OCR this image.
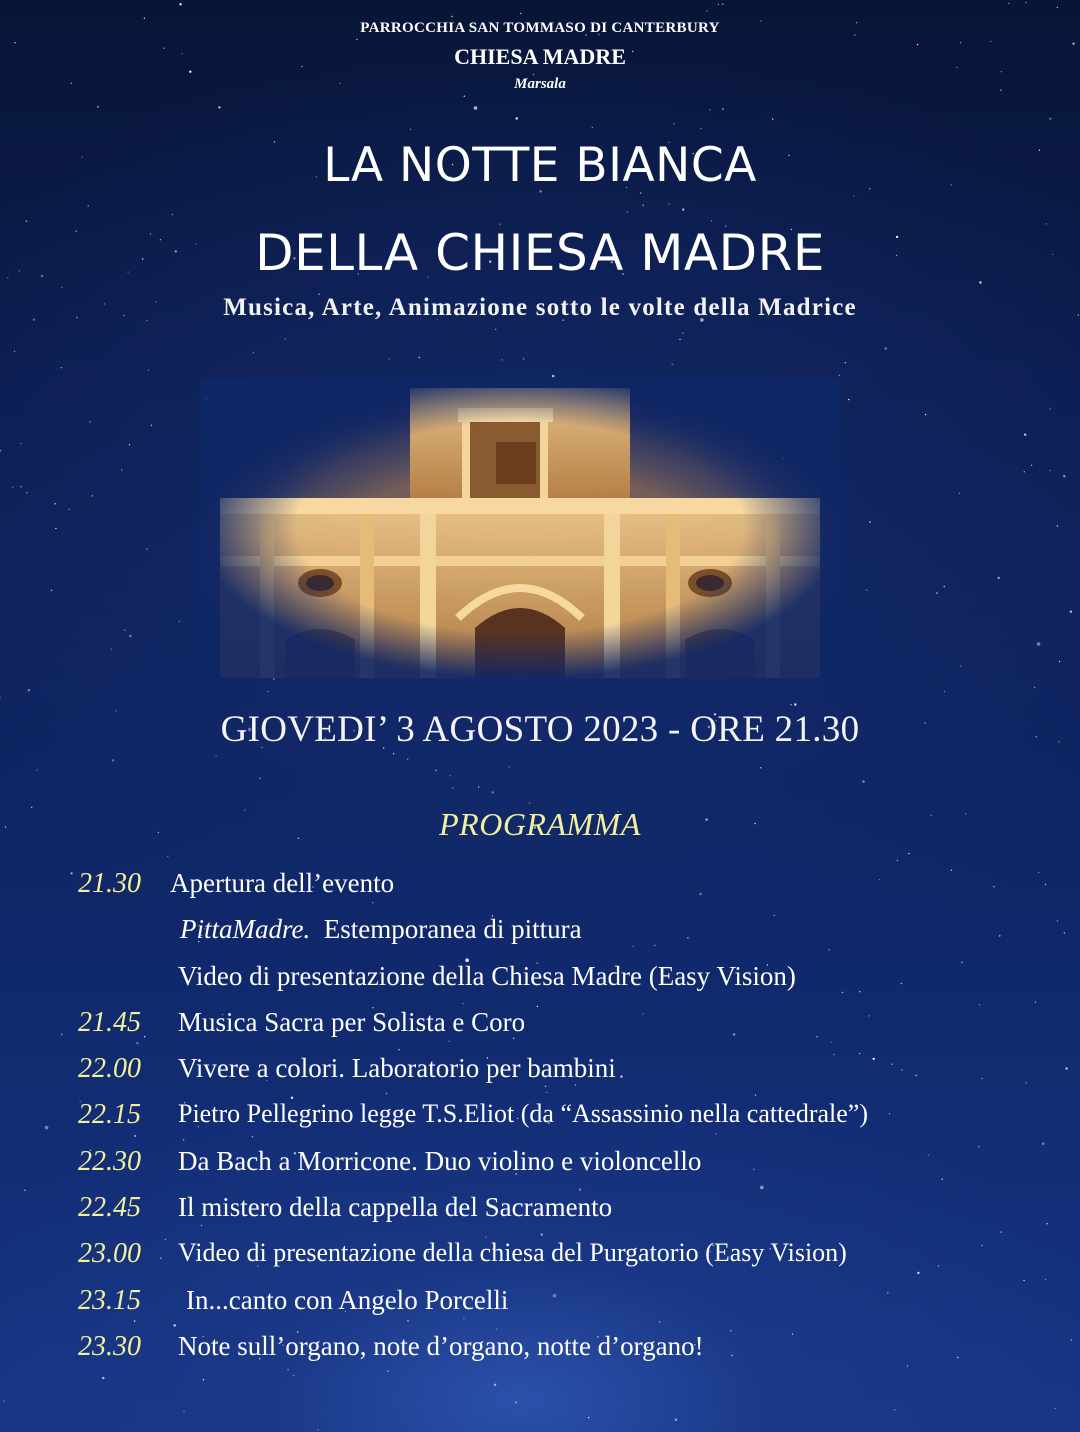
PARROCCHIA SAN TOMMASO DI CANTERBURY

CHIESA MADRE

Marsala

LA NOTTE BIANCA
DELLA CHIESA MADRE

Musica, Arte, Animazione sotto le volte della Madrice

GIOVEDI’ 3 AGOSTO 2023 - ORE 21.30

PROGRAMMA

21.30 Apertura dell’evento
PittaMadre. Estemporanea di pittura
Video di presentazione della Chiesa Madre (Easy Vision)
21.45 Musica Sacra per Solista e Coro
22.00 Vivere a colori. Laboratorio per bambini
22.15 Pietro Pellegrino legge T.S.Eliot (da “Assassinio nella cattedrale”)
22.30 Da Bach a Morricone. Duo violino e violoncello
22.45 Il mistero della cappella del Sacramento
23.00 Video di presentazione della chiesa del Purgatorio (Easy Vision)
23.15 In...canto con Angelo Porcelli
23.30 Note sull’organo, note d’organo, notte d’organo!
